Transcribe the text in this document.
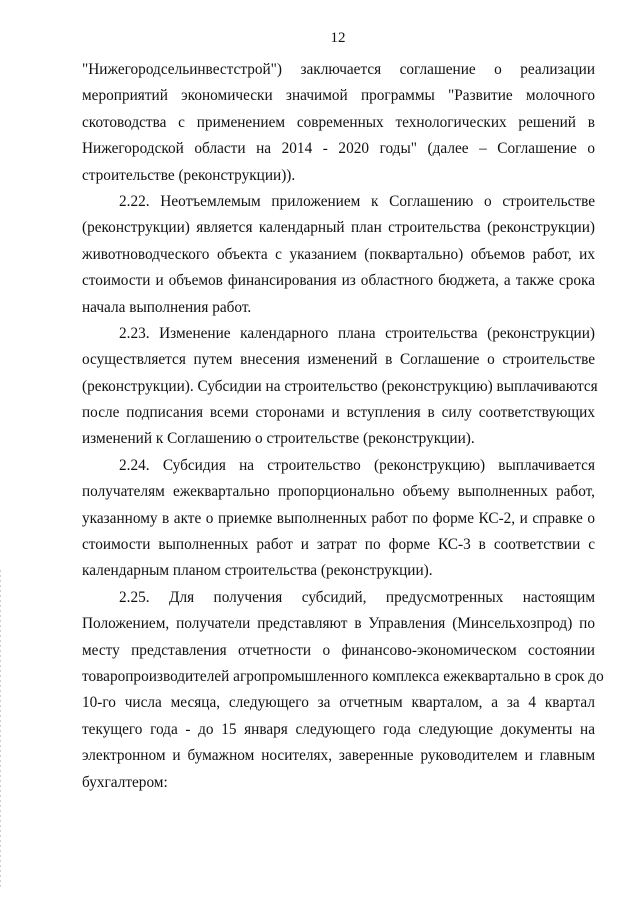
12

"Нижегородсельинвестстрой") заключается соглашение о реализации
мероприятий экономически значимой программы "Развитие молочного
скотоводства с применением современных технологических решений в
Нижегородской области на 2014 - 2020 годы" (далее – Соглашение о
строительстве (реконструкции)).

2.22. Неотъемлемым приложением к Соглашению о строительстве
(реконструкции) является календарный план строительства (реконструкции)
животноводческого объекта с указанием (поквартально) объемов работ, их
стоимости и объемов финансирования из областного бюджета, а также срока
начала выполнения работ.

2.23. Изменение календарного плана строительства (реконструкции)
осуществляется путем внесения изменений в Соглашение о строительстве
(реконструкции). Субсидии на строительство (реконструкцию) выплачиваются
после подписания всеми сторонами и вступления в силу соответствующих
изменений к Соглашению о строительстве (реконструкции).

2.24. Субсидия на строительство (реконструкцию) выплачивается
получателям ежеквартально пропорционально объему выполненных работ,
указанному в акте о приемке выполненных работ по форме КС-2, и справке о
стоимости выполненных работ и затрат по форме КС-3 в соответствии с
календарным планом строительства (реконструкции).

2.25. Для получения субсидий, предусмотренных настоящим
Положением, получатели представляют в Управления (Минсельхозпрод) по
месту представления отчетности о финансово-экономическом состоянии
товаропроизводителей агропромышленного комплекса ежеквартально в срок до
10-го числа месяца, следующего за отчетным кварталом, а за 4 квартал
текущего года - до 15 января следующего года следующие документы на
электронном и бумажном носителях, заверенные руководителем и главным
бухгалтером:
